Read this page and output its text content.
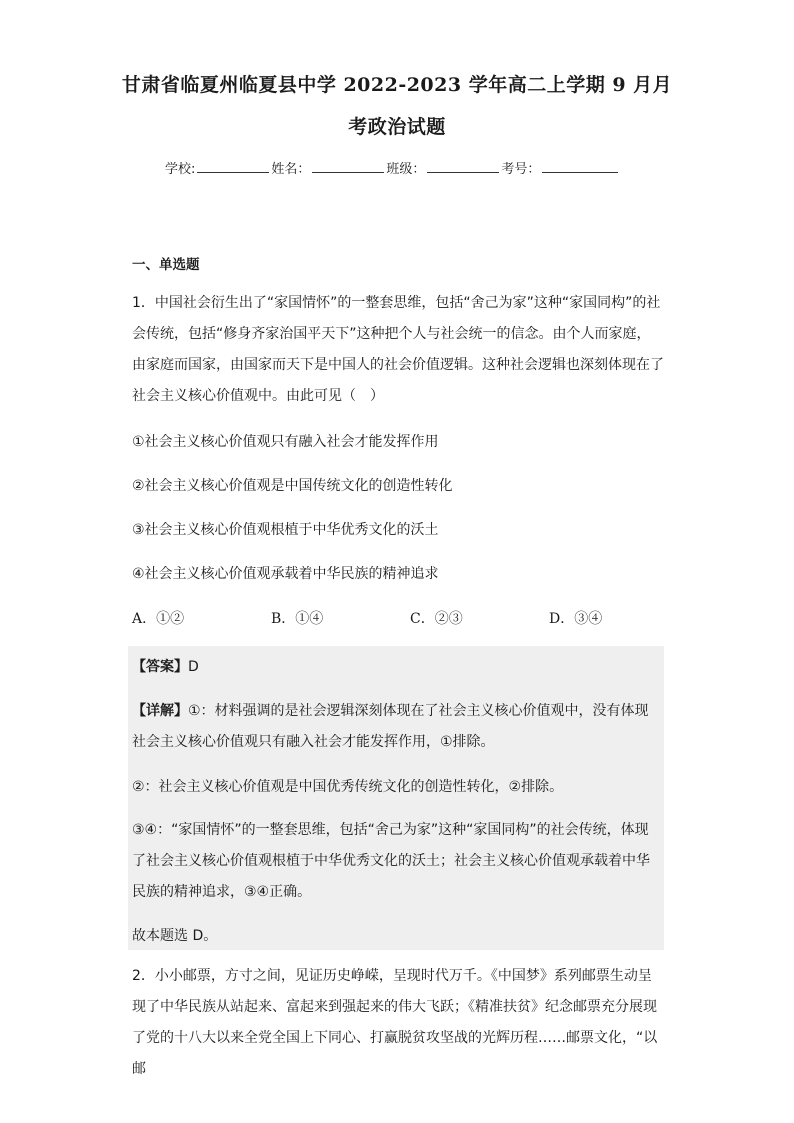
甘肃省临夏州临夏县中学 2022-2023 学年高二上学期 9 月月
考政治试题
学校:	姓名：	班级：	考号：
一、单选题
1．中国社会衍生出了“家国情怀”的一整套思维，包括“舍己为家”这种“家国同构”的社会传统，包括“修身齐家治国平天下”这种把个人与社会统一的信念。由个人而家庭，由家庭而国家，由国家而天下是中国人的社会价值逻辑。这种社会逻辑也深刻体现在了社会主义核心价值观中。由此可见（　）
①社会主义核心价值观只有融入社会才能发挥作用
②社会主义核心价值观是中国传统文化的创造性转化
③社会主义核心价值观根植于中华优秀文化的沃土
④社会主义核心价值观承载着中华民族的精神追求
A．①②	B．①④	C．②③	D．③④
【答案】D
【详解】①：材料强调的是社会逻辑深刻体现在了社会主义核心价值观中，没有体现社会主义核心价值观只有融入社会才能发挥作用，①排除。
②：社会主义核心价值观是中国优秀传统文化的创造性转化，②排除。
③④：“家国情怀”的一整套思维，包括“舍己为家”这种“家国同构”的社会传统，体现了社会主义核心价值观根植于中华优秀文化的沃土；社会主义核心价值观承载着中华民族的精神追求，③④正确。
故本题选 D。
2．小小邮票，方寸之间，见证历史峥嵘，呈现时代万千。《中国梦》系列邮票生动呈现了中华民族从站起来、富起来到强起来的伟大飞跃；《精准扶贫》纪念邮票充分展现了党的十八大以来全党全国上下同心、打赢脱贫攻坚战的光辉历程……邮票文化，“以邮
